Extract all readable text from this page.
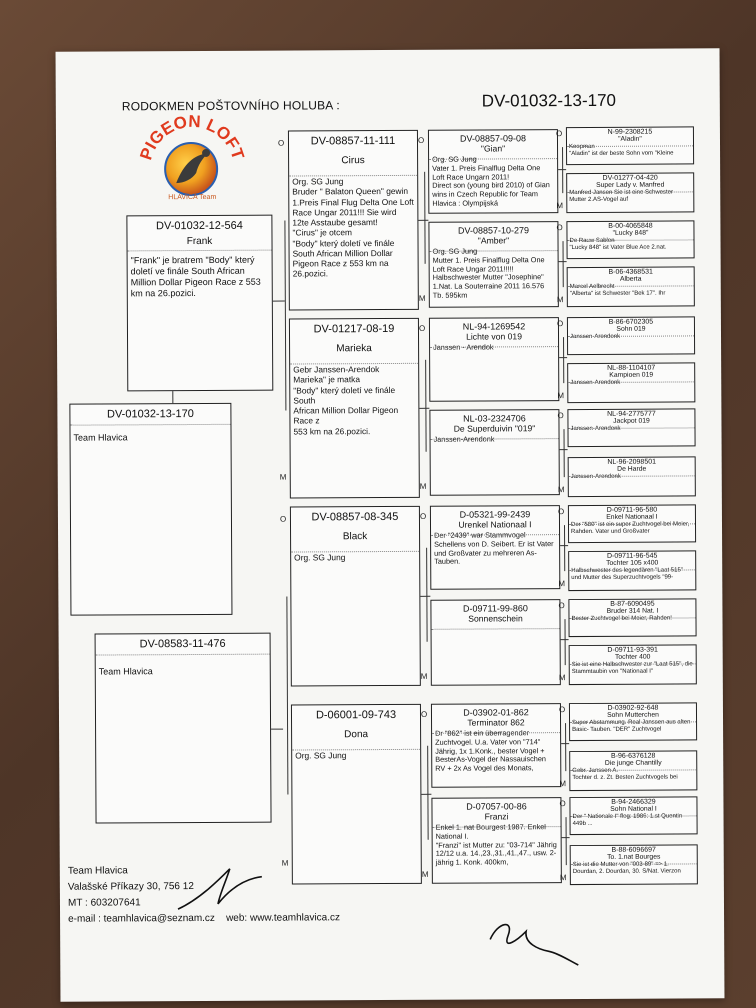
RODOKMEN POŠTOVNÍHO HOLUBA :	DV-01032-13-170
PIGEON LOFT
HLAVICA Team
DV-01032-13-170
Team Hlavica
DV-01032-12-564
Frank
"Frank" je bratrem "Body" který doletí ve finále South African Million Dollar Pigeon Race z 553 km na 26.pozici.
DV-08583-11-476
Team Hlavica
DV-08857-11-111
Cirus
Org. SG Jung
Bruder " Balaton Queen" gewin 1.Preis Final Flug Delta One Loft Race Ungar 2011!!! Sie wird 12te Asstaube gesamt!
"Cirus" je otcem
"Body" který doletí ve finále South African Million Dollar Pigeon Race z 553 km na 26.pozici.
O
DV-01217-08-19
Marieka
Gebr Janssen-Arendok
Marieka" je matka
"Body" který doletí ve finále South
African Million Dollar Pigeon Race z
553 km na 26.pozici.
M
DV-08857-08-345
Black
Org. SG Jung
O
D-06001-09-743
Dona
Org. SG Jung
M
DV-08857-09-08
"Gian"
Org. SG Jung
Vater 1. Preis Finalflug Delta One Loft Race Ungarn 2011!
Direct son (young bird 2010) of Gian wins in Czech Republic for Team Hlavica : Olympijská
O
DV-08857-10-279
"Amber"
Org. SG Jung
Mutter 1. Preis Finalflug Delta One Loft Race Ungar 2011!!!!!
Halbschwester Mutter "Josephine" 1.Nat. La Souterraine 2011 16.576 Tb. 595km
M
NL-94-1269542
Lichte von 019
Janssen - Arendok
O
NL-03-2324706
De Superduivin "019"
Janssen-Arendonk
M
D-05321-99-2439
Urenkel Nationaal I
Der "2439" war Stammvogel Schellens von D. Seibert. Er ist Vater und Großvater zu mehreren As-Tauben.
O
D-09711-99-860
Sonnenschein
M
D-03902-01-862
Terminator 862
Dr "862" ist ein überragender Zuchtvogel. U.a. Vater von "714" Jährig, 1x 1.Konk., bester Vogel + BesterAs-Vogel der Nassauischen RV + 2x As Vogel des Monats,
O
D-07057-00-86
Franzi
Enkel 1. nat Bourgest 1987. Enkel National I.
"Franzi" ist Mutter zu: "03-714" Jährig 12/12 u.a. 14.,23.,31.,41.,47., usw. 2-jährig 1. Konk. 400km,
M
N-99-2308215
"Aladin"
Koopman
"Aladin" ist der beste Sohn vom "Kleine
O
DV-01277-04-420
Super Lady v. Manfred
Manfred Jansen Sie ist eine Schwester Mutter 2.AS-Vogel auf
M
B-00-4065848
"Lucky 848"
De Rauw Sablon
"Lucky 848" ist Vater Blue Ace 2.nat.
O
B-06-4368531
Alberta
Marcel Aelbrecht
"Alberta" ist Schwester "Bek 17". Ihr
M
B-86-6702305
Sohn 019
Janssen-Arendonk
O
NL-88-1104107
Kampioen 019
Janssen-Arendonk
M
NL-94-2775777
Jackpot 019
Janssen-Arendonk
O
NL-96-2098501
De Harde
Janssen-Arendonk
M
D-09711-96-580
Enkel Nationaal I
Der "580" ist ein super Zuchtvogel bei Meier, Rahden. Vater und Großvater
O
D-09711-96-545
Tochter 105 x400
Halbschwester des legendären "Laat 515" und Mutter des Superzuchtvogels "99-
M
B-87-6090495
Bruder 314 Nat. I
Bester Zuchtvogel bei Meier, Rahden!
O
D-09711-93-391
Tochter 400
Sie ist eine Halbschwester zur "Laat 515", die Stammtaubin von "Nationaal I"
M
D-03902-92-648
Sohn Mutterchen
Super Abstammung. Real Janssen aus alten Basic- Tauben. "DER" Zuchtvogel
O
B-96-6376128
Die junge Chantilly
Gebr. Janssen A.
Tochter d. z. Zt. Besten Zuchtvogels bei
M
B-94-2466329
Sohn National I
Der " Nationale I" flog: 1986: 1.st Quentin 449b ...
O
B-88-6096697
To. 1.nat Bourges
Sie ist die Mutter von "003-89" => 1. Dourdan, 2. Dourdan, 30. S/Nat. Vierzon
M
Team Hlavica
Valašské Příkazy 30, 756 12
MT : 603207641
e-mail : teamhlavica@seznam.cz web: www.teamhlavica.cz
